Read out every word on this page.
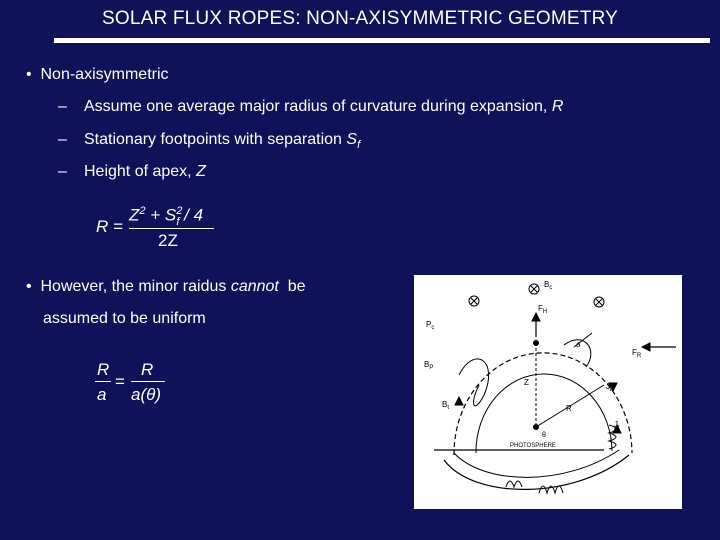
SOLAR FLUX ROPES: NON-AXISYMMETRIC GEOMETRY
•  Non-axisymmetric
– Assume one average major radius of curvature during expansion, R
– Stationary footpoints with separation $S_f$
– Height of apex, Z
R =
$Z^2 + S^2_f / 4$
2Z
•  However, the minor raidus cannot be
assumed to be uniform
R
a
=
R
a(θ)
$B_c$
$P_c$
$F_H$
$F_R$
a
$B_P$
Z	$J_P$
$B_t$	R
$J_t$
θ
PHOTOSPHERE
